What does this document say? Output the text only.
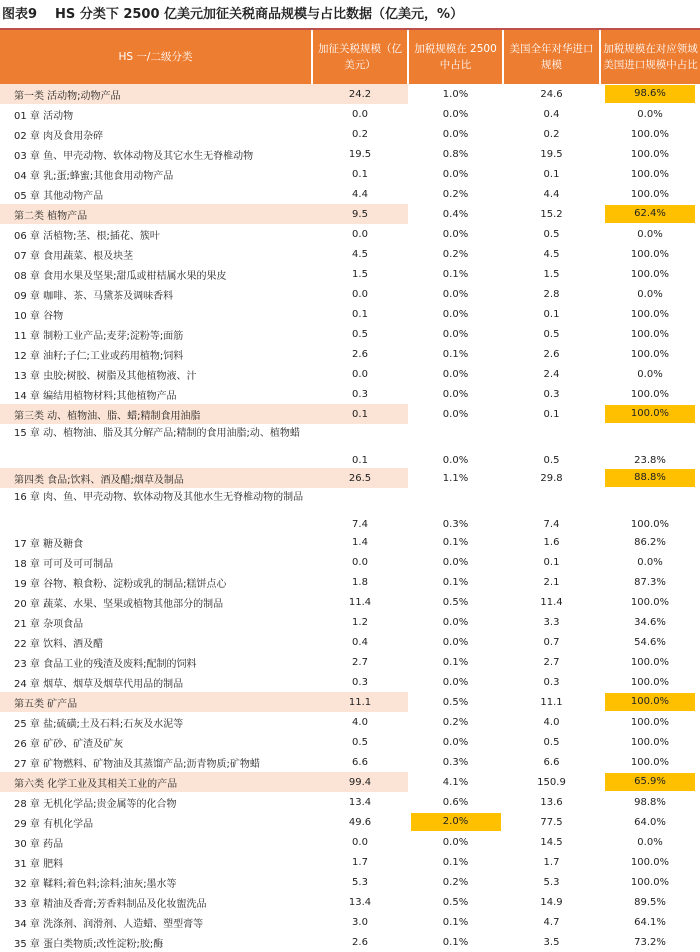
图表9 HS 分类下 2500 亿美元加征关税商品规模与占比数据（亿美元，%）
HS 一/二级分类	加征关税规模（亿美元）	加税规模在 2500 中占比	美国全年对华进口规模	加税规模在对应领域美国进口规模中占比
第一类 活动物;动物产品	24.2	1.0%	24.6	98.6%
01 章 活动物	0.0	0.0%	0.4	0.0%
02 章 肉及食用杂碎	0.2	0.0%	0.2	100.0%
03 章 鱼、甲壳动物、软体动物及其它水生无脊椎动物	19.5	0.8%	19.5	100.0%
04 章 乳;蛋;蜂蜜;其他食用动物产品	0.1	0.0%	0.1	100.0%
05 章 其他动物产品	4.4	0.2%	4.4	100.0%
第二类 植物产品	9.5	0.4%	15.2	62.4%
06 章 活植物;茎、根;插花、簇叶	0.0	0.0%	0.5	0.0%
07 章 食用蔬菜、根及块茎	4.5	0.2%	4.5	100.0%
08 章 食用水果及坚果;甜瓜或柑桔属水果的果皮	1.5	0.1%	1.5	100.0%
09 章 咖啡、茶、马黛茶及调味香料	0.0	0.0%	2.8	0.0%
10 章 谷物	0.1	0.0%	0.1	100.0%
11 章 制粉工业产品;麦芽;淀粉等;面筋	0.5	0.0%	0.5	100.0%
12 章 油籽;子仁;工业或药用植物;饲料	2.6	0.1%	2.6	100.0%
13 章 虫胶;树胶、树脂及其他植物液、汁	0.0	0.0%	2.4	0.0%
14 章 编结用植物材料;其他植物产品	0.3	0.0%	0.3	100.0%
第三类 动、植物油、脂、蜡;精制食用油脂	0.1	0.0%	0.1	100.0%
15 章 动、植物油、脂及其分解产品;精制的食用油脂;动、植物蜡	0.1	0.0%	0.5	23.8%
第四类 食品;饮料、酒及醋;烟草及制品	26.5	1.1%	29.8	88.8%
16 章 肉、鱼、甲壳动物、软体动物及其他水生无脊椎动物的制品	7.4	0.3%	7.4	100.0%
17 章 糖及糖食	1.4	0.1%	1.6	86.2%
18 章 可可及可可制品	0.0	0.0%	0.1	0.0%
19 章 谷物、粮食粉、淀粉或乳的制品;糕饼点心	1.8	0.1%	2.1	87.3%
20 章 蔬菜、水果、坚果或植物其他部分的制品	11.4	0.5%	11.4	100.0%
21 章 杂项食品	1.2	0.0%	3.3	34.6%
22 章 饮料、酒及醋	0.4	0.0%	0.7	54.6%
23 章 食品工业的残渣及废料;配制的饲料	2.7	0.1%	2.7	100.0%
24 章 烟草、烟草及烟草代用品的制品	0.3	0.0%	0.3	100.0%
第五类 矿产品	11.1	0.5%	11.1	100.0%
25 章 盐;硫磺;土及石料;石灰及水泥等	4.0	0.2%	4.0	100.0%
26 章 矿砂、矿渣及矿灰	0.5	0.0%	0.5	100.0%
27 章 矿物燃料、矿物油及其蒸馏产品;沥青物质;矿物蜡	6.6	0.3%	6.6	100.0%
第六类 化学工业及其相关工业的产品	99.4	4.1%	150.9	65.9%
28 章 无机化学品;贵金属等的化合物	13.4	0.6%	13.6	98.8%
29 章 有机化学品	49.6	2.0%	77.5	64.0%
30 章 药品	0.0	0.0%	14.5	0.0%
31 章 肥料	1.7	0.1%	1.7	100.0%
32 章 鞣料;着色料;涂料;油灰;墨水等	5.3	0.2%	5.3	100.0%
33 章 精油及香膏;芳香料制品及化妆盥洗品	13.4	0.5%	14.9	89.5%
34 章 洗涤剂、润滑剂、人造蜡、塑型膏等	3.0	0.1%	4.7	64.1%
35 章 蛋白类物质;改性淀粉;胶;酶	2.6	0.1%	3.5	73.2%
